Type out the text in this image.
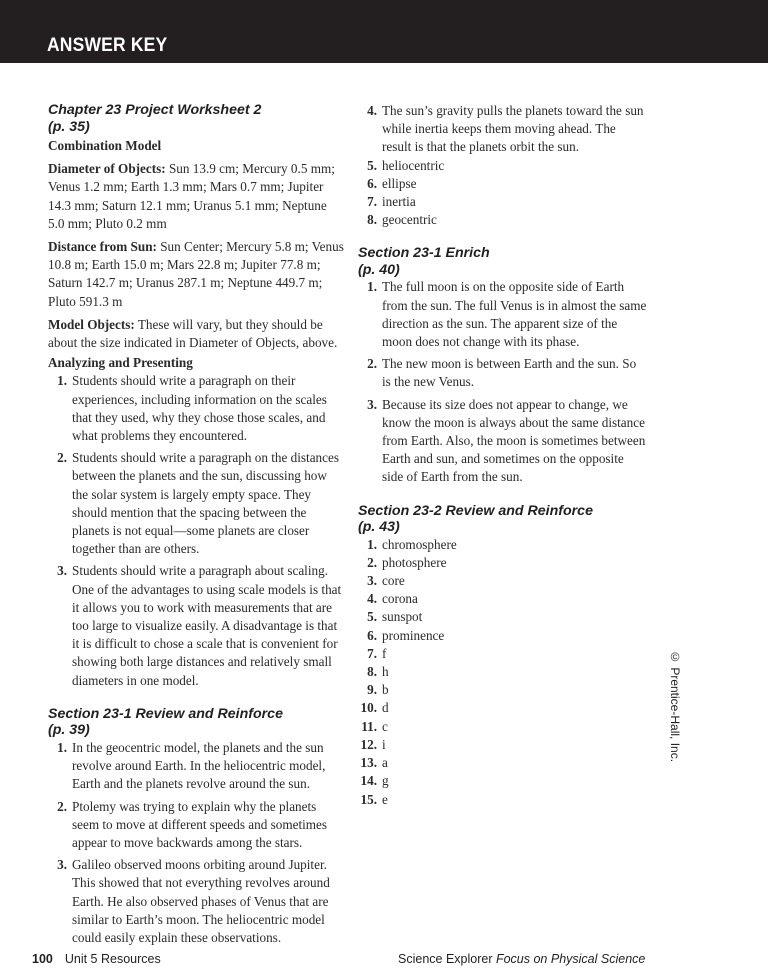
ANSWER KEY
Chapter 23 Project Worksheet 2
(p. 35)
Combination Model
Diameter of Objects: Sun 13.9 cm; Mercury 0.5 mm; Venus 1.2 mm; Earth 1.3 mm; Mars 0.7 mm; Jupiter 14.3 mm; Saturn 12.1 mm; Uranus 5.1 mm; Neptune 5.0 mm; Pluto 0.2 mm
Distance from Sun: Sun Center; Mercury 5.8 m; Venus 10.8 m; Earth 15.0 m; Mars 22.8 m; Jupiter 77.8 m; Saturn 142.7 m; Uranus 287.1 m; Neptune 449.7 m; Pluto 591.3 m
Model Objects: These will vary, but they should be about the size indicated in Diameter of Objects, above.
Analyzing and Presenting
1. Students should write a paragraph on their experiences, including information on the scales that they used, why they chose those scales, and what problems they encountered.
2. Students should write a paragraph on the distances between the planets and the sun, discussing how the solar system is largely empty space. They should mention that the spacing between the planets is not equal—some planets are closer together than are others.
3. Students should write a paragraph about scaling. One of the advantages to using scale models is that it allows you to work with measurements that are too large to visualize easily. A disadvantage is that it is difficult to chose a scale that is convenient for showing both large distances and relatively small diameters in one model.
Section 23-1 Review and Reinforce
(p. 39)
1. In the geocentric model, the planets and the sun revolve around Earth. In the heliocentric model, Earth and the planets revolve around the sun.
2. Ptolemy was trying to explain why the planets seem to move at different speeds and sometimes appear to move backwards among the stars.
3. Galileo observed moons orbiting around Jupiter. This showed that not everything revolves around Earth. He also observed phases of Venus that are similar to Earth’s moon. The heliocentric model could easily explain these observations.
4. The sun’s gravity pulls the planets toward the sun while inertia keeps them moving ahead. The result is that the planets orbit the sun.
5. heliocentric
6. ellipse
7. inertia
8. geocentric
Section 23-1 Enrich
(p. 40)
1. The full moon is on the opposite side of Earth from the sun. The full Venus is in almost the same direction as the sun. The apparent size of the moon does not change with its phase.
2. The new moon is between Earth and the sun. So is the new Venus.
3. Because its size does not appear to change, we know the moon is always about the same distance from Earth. Also, the moon is sometimes between Earth and sun, and sometimes on the opposite side of Earth from the sun.
Section 23-2 Review and Reinforce
(p. 43)
1. chromosphere
2. photosphere
3. core
4. corona
5. sunspot
6. prominence
7. f
8. h
9. b
10. d
11. c
12. i
13. a
14. g
15. e
© Prentice-Hall, Inc.
100 Unit 5 Resources	Science Explorer Focus on Physical Science
